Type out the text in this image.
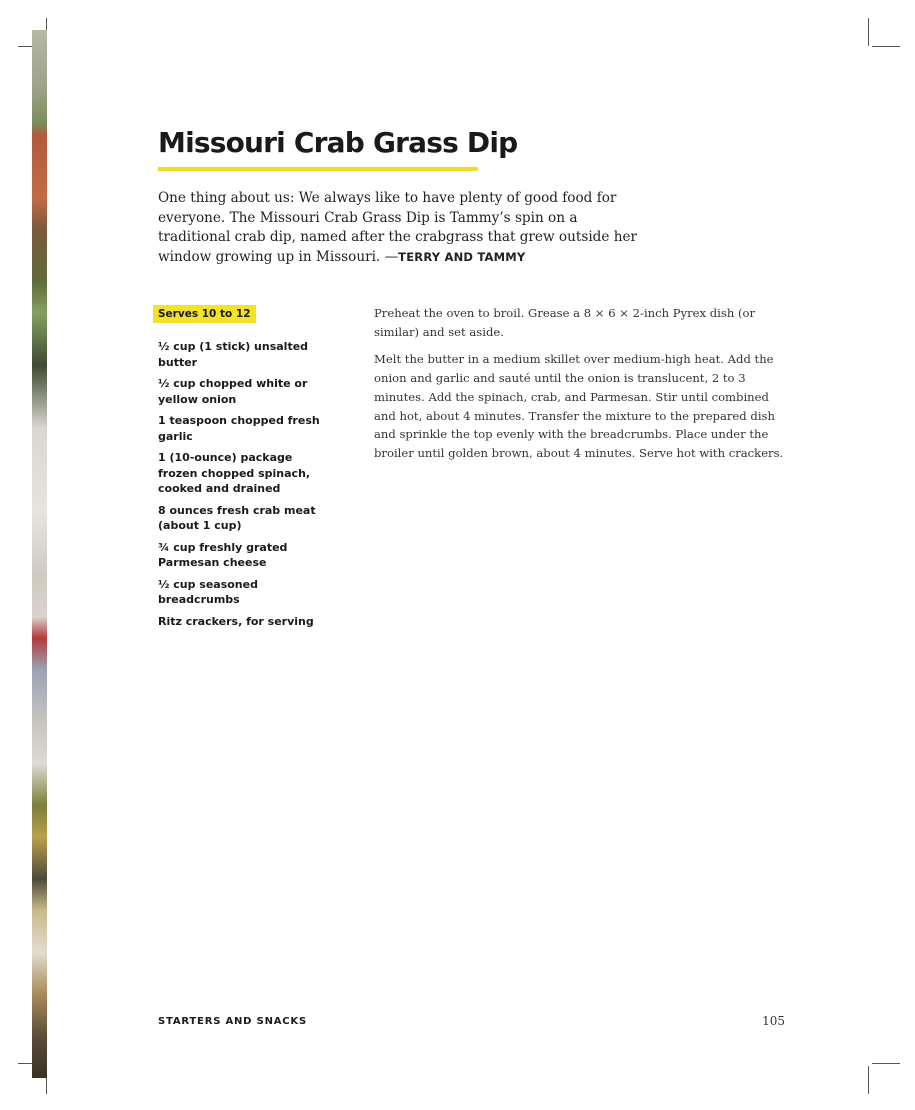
Missouri Crab Grass Dip

One thing about us: We always like to have plenty of good food for everyone. The Missouri Crab Grass Dip is Tammy’s spin on a traditional crab dip, named after the crabgrass that grew outside her window growing up in Missouri. —TERRY AND TAMMY

Serves 10 to 12
½ cup (1 stick) unsalted butter
½ cup chopped white or yellow onion
1 teaspoon chopped fresh garlic
1 (10-ounce) package frozen chopped spinach, cooked and drained
8 ounces fresh crab meat (about 1 cup)
¾ cup freshly grated Parmesan cheese
½ cup seasoned breadcrumbs
Ritz crackers, for serving

Preheat the oven to broil. Grease a 8 × 6 × 2-inch Pyrex dish (or similar) and set aside.

Melt the butter in a medium skillet over medium-high heat. Add the onion and garlic and sauté until the onion is translucent, 2 to 3 minutes. Add the spinach, crab, and Parmesan. Stir until combined and hot, about 4 minutes. Transfer the mixture to the prepared dish and sprinkle the top evenly with the breadcrumbs. Place under the broiler until golden brown, about 4 minutes. Serve hot with crackers.

STARTERS AND SNACKS	105
